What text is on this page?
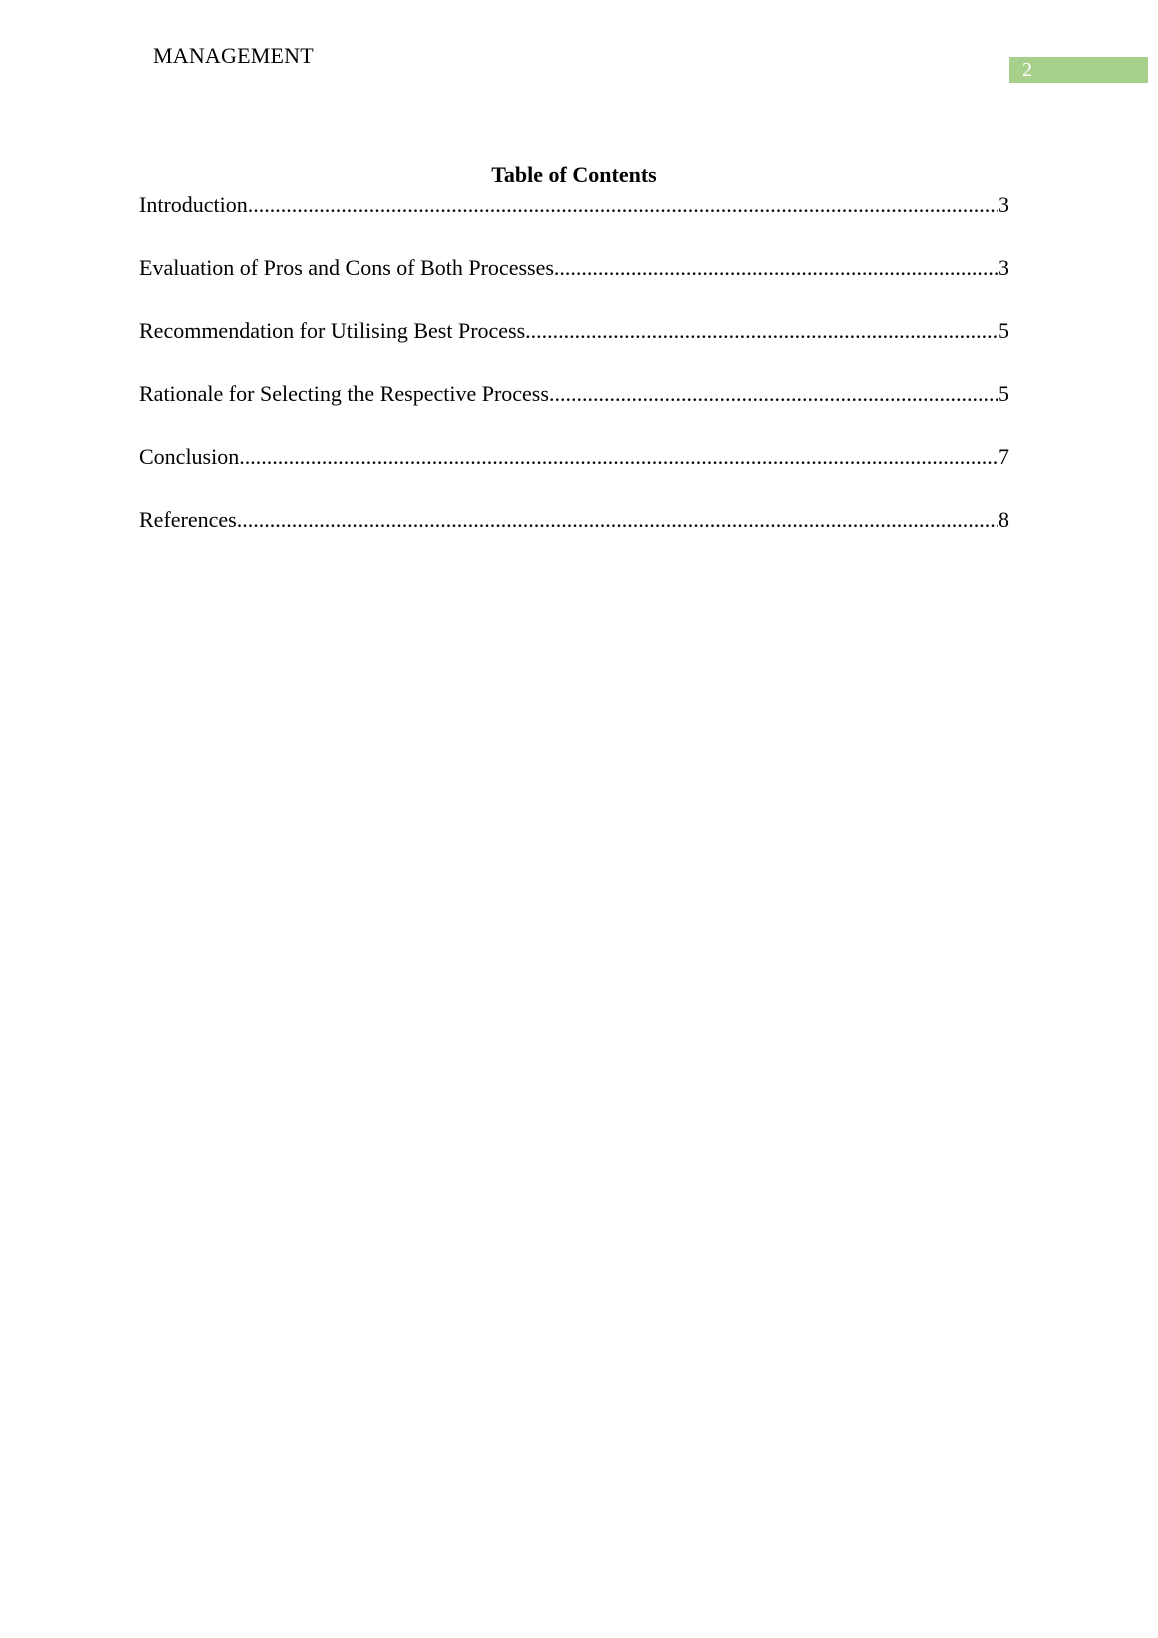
MANAGEMENT
2
Table of Contents
Introduction .....	3
Evaluation of Pros and Cons of Both Processes .....	3
Recommendation for Utilising Best Process .....	5
Rationale for Selecting the Respective Process .....	5
Conclusion .....	7
References .....	8
